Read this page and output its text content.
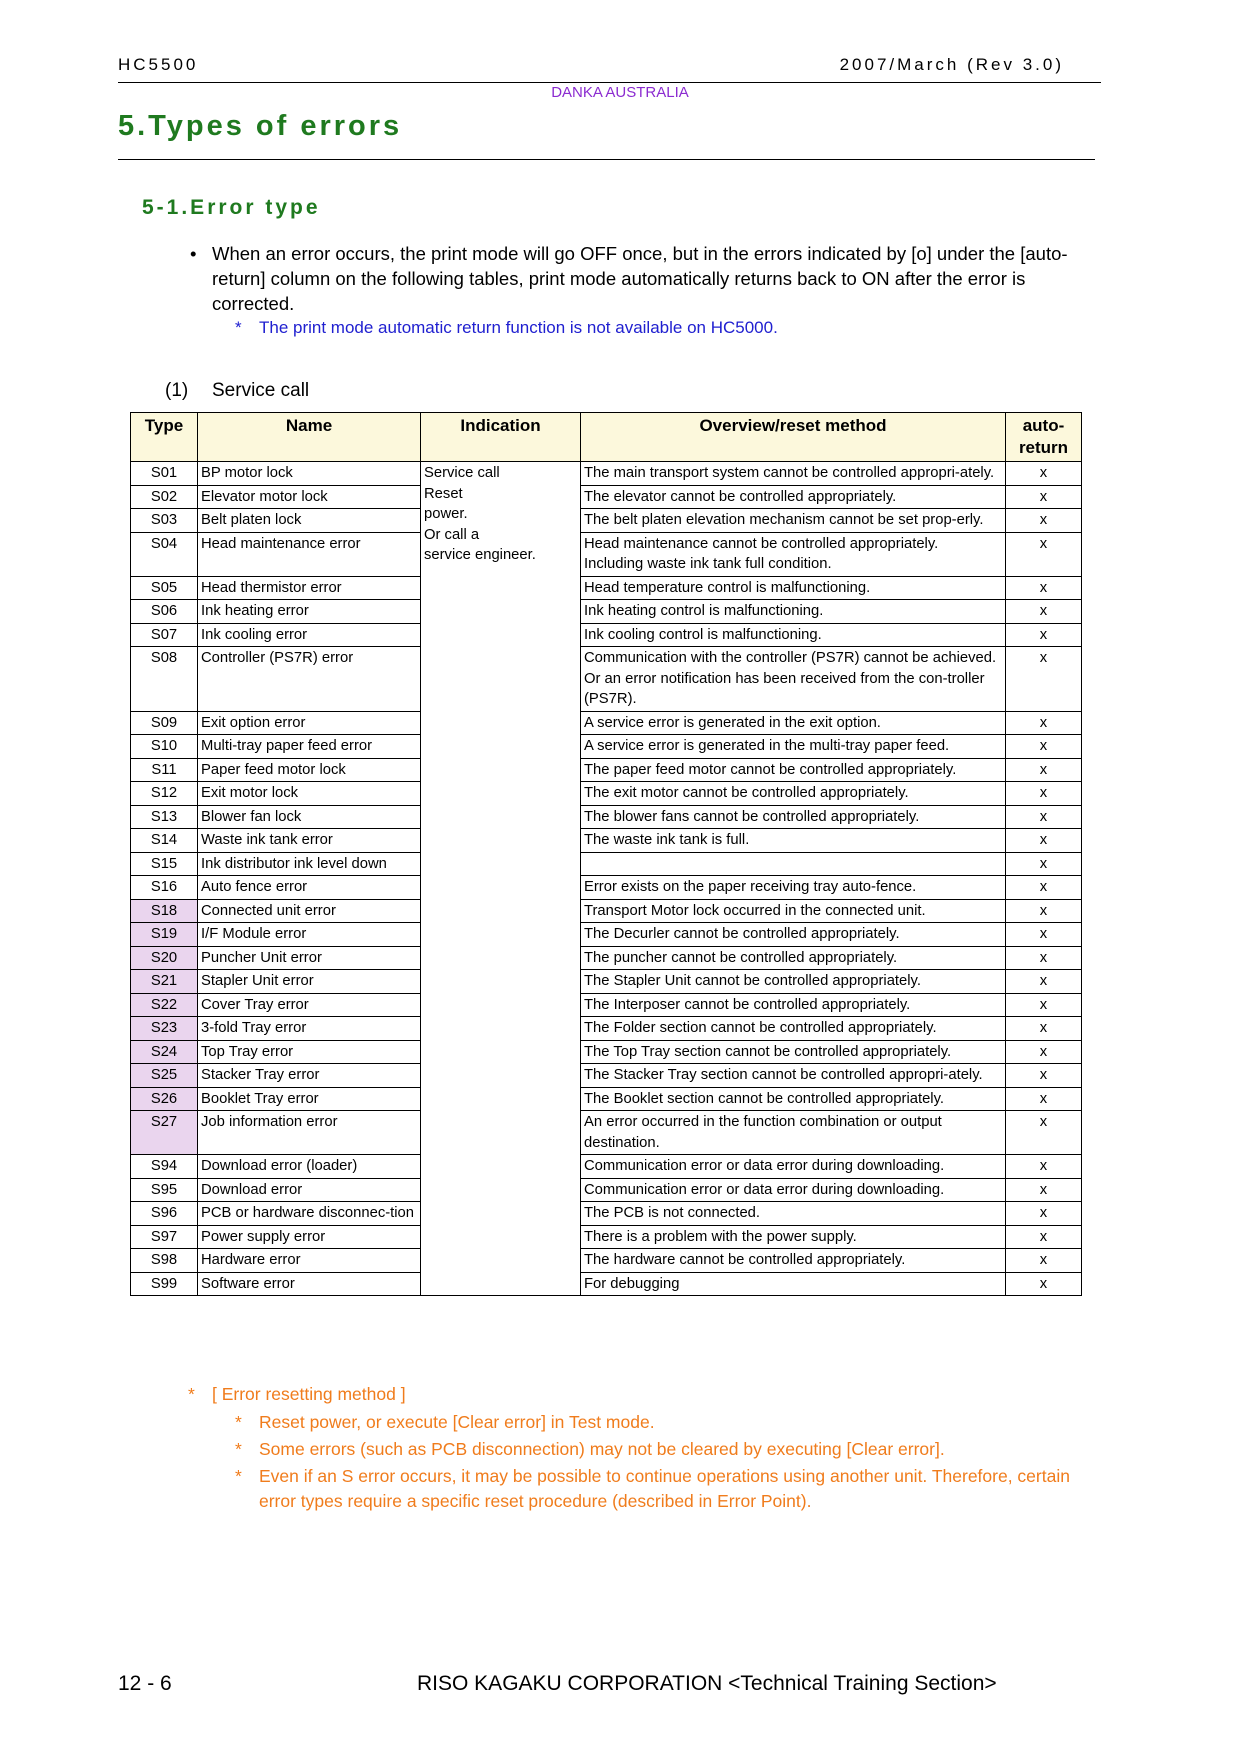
HC5500	2007/March (Rev 3.0)
DANKA AUSTRALIA
5.Types of errors
5-1.Error type
• When an error occurs, the print mode will go OFF once, but in the errors indicated by [o] under the [auto-return] column on the following tables, print mode automatically returns back to ON after the error is corrected.
* The print mode automatic return function is not available on HC5000.
(1) Service call
Type	Name	Indication	Overview/reset method	auto-return
S01	BP motor lock	Service call
Reset
power.
Or call a
service engineer.	The main transport system cannot be controlled appropri-ately.	x
S02	Elevator motor lock		The elevator cannot be controlled appropriately.	x
S03	Belt platen lock		The belt platen elevation mechanism cannot be set prop-erly.	x
S04	Head maintenance error		Head maintenance cannot be controlled appropriately.
Including waste ink tank full condition.	x
S05	Head thermistor error		Head temperature control is malfunctioning.	x
S06	Ink heating error		Ink heating control is malfunctioning.	x
S07	Ink cooling error		Ink cooling control is malfunctioning.	x
S08	Controller (PS7R) error		Communication with the controller (PS7R) cannot be achieved.
Or an error notification has been received from the con-troller (PS7R).	x
S09	Exit option error		A service error is generated in the exit option.	x
S10	Multi-tray paper feed error		A service error is generated in the multi-tray paper feed.	x
S11	Paper feed motor lock		The paper feed motor cannot be controlled appropriately.	x
S12	Exit motor lock		The exit motor cannot be controlled appropriately.	x
S13	Blower fan lock		The blower fans cannot be controlled appropriately.	x
S14	Waste ink tank error		The waste ink tank is full.	x
S15	Ink distributor ink level down			x
S16	Auto fence error		Error exists on the paper receiving tray auto-fence.	x
S18	Connected unit error		Transport Motor lock occurred in the connected unit.	x
S19	I/F Module error		The Decurler cannot be controlled appropriately.	x
S20	Puncher Unit error		The puncher cannot be controlled appropriately.	x
S21	Stapler Unit error		The Stapler Unit cannot be controlled appropriately.	x
S22	Cover Tray error		The Interposer cannot be controlled appropriately.	x
S23	3-fold Tray error		The Folder section cannot be controlled appropriately.	x
S24	Top Tray error		The Top Tray section cannot be controlled appropriately.	x
S25	Stacker Tray error		The Stacker Tray section cannot be controlled appropri-ately.	x
S26	Booklet Tray error		The Booklet section cannot be controlled appropriately.	x
S27	Job information error		An error occurred in the function combination or output destination.	x
S94	Download error (loader)		Communication error or data error during downloading.	x
S95	Download error		Communication error or data error during downloading.	x
S96	PCB or hardware disconnec-tion		The PCB is not connected.	x
S97	Power supply error		There is a problem with the power supply.	x
S98	Hardware error		The hardware cannot be controlled appropriately.	x
S99	Software error		For debugging	x
* [ Error resetting method ]
* Reset power, or execute [Clear error] in Test mode.
* Some errors (such as PCB disconnection) may not be cleared by executing [Clear error].
* Even if an S error occurs, it may be possible to continue operations using another unit. Therefore, certain error types require a specific reset procedure (described in Error Point).
12 - 6	RISO KAGAKU CORPORATION <Technical Training Section>
